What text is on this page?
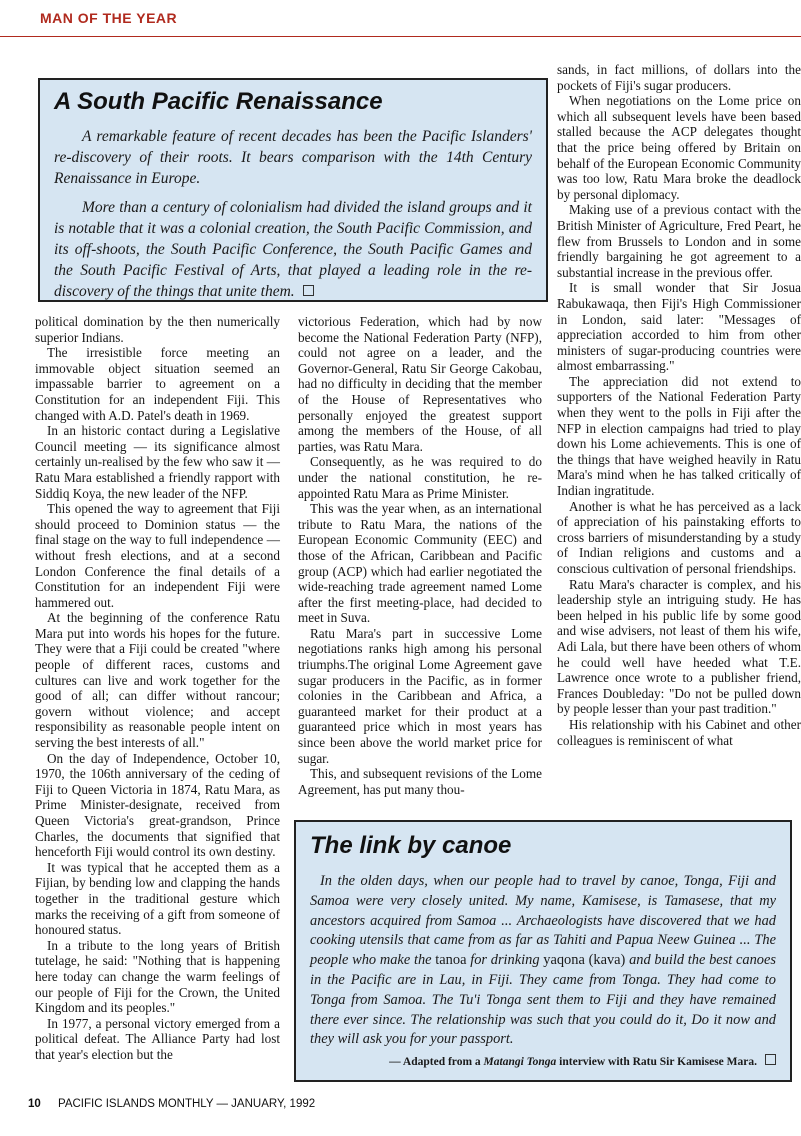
MAN OF THE YEAR
A South Pacific Renaissance

A remarkable feature of recent decades has been the Pacific Islanders' re-discovery of their roots. It bears comparison with the 14th Century Renaissance in Europe.

More than a century of colonialism had divided the island groups and it is notable that it was a colonial creation, the South Pacific Commission, and its off-shoots, the South Pacific Conference, the South Pacific Games and the South Pacific Festival of Arts, that played a leading role in the re-discovery of the things that unite them.

political domination by the then numerically superior Indians.

The irresistible force meeting an immovable object situation seemed an impassable barrier to agreement on a Constitution for an independent Fiji. This changed with A.D. Patel's death in 1969.

In an historic contact during a Legislative Council meeting — its significance almost certainly un-realised by the few who saw it — Ratu Mara established a friendly rapport with Siddiq Koya, the new leader of the NFP.

This opened the way to agreement that Fiji should proceed to Dominion status — the final stage on the way to full independence — without fresh elections, and at a second London Conference the final details of a Constitution for an independent Fiji were hammered out.

At the beginning of the conference Ratu Mara put into words his hopes for the future. They were that a Fiji could be created "where people of different races, customs and cultures can live and work together for the good of all; can differ without rancour; govern without violence; and accept responsibility as reasonable people intent on serving the best interests of all."

On the day of Independence, October 10, 1970, the 106th anniversary of the ceding of Fiji to Queen Victoria in 1874, Ratu Mara, as Prime Minister-designate, received from Queen Victoria's great-grandson, Prince Charles, the documents that signified that henceforth Fiji would control its own destiny.

It was typical that he accepted them as a Fijian, by bending low and clapping the hands together in the traditional gesture which marks the receiving of a gift from someone of honoured status.

In a tribute to the long years of British tutelage, he said: "Nothing that is happening here today can change the warm feelings of our people of Fiji for the Crown, the United Kingdom and its peoples."

In 1977, a personal victory emerged from a political defeat. The Alliance Party had lost that year's election but the

victorious Federation, which had by now become the National Federation Party (NFP), could not agree on a leader, and the Governor-General, Ratu Sir George Cakobau, had no difficulty in deciding that the member of the House of Representatives who personally enjoyed the greatest support among the members of the House, of all parties, was Ratu Mara.

Consequently, as he was required to do under the national constitution, he re-appointed Ratu Mara as Prime Minister.

This was the year when, as an international tribute to Ratu Mara, the nations of the European Economic Community (EEC) and those of the African, Caribbean and Pacific group (ACP) which had earlier negotiated the wide-reaching trade agreement named Lome after the first meeting-place, had decided to meet in Suva.

Ratu Mara's part in successive Lome negotiations ranks high among his personal triumphs.The original Lome Agreement gave sugar producers in the Pacific, as in former colonies in the Caribbean and Africa, a guaranteed market for their product at a guaranteed price which in most years has since been above the world market price for sugar.

This, and subsequent revisions of the Lome Agreement, has put many thou-

sands, in fact millions, of dollars into the pockets of Fiji's sugar producers.

When negotiations on the Lome price on which all subsequent levels have been based stalled because the ACP delegates thought that the price being offered by Britain on behalf of the European Economic Community was too low, Ratu Mara broke the deadlock by personal diplomacy.

Making use of a previous contact with the British Minister of Agriculture, Fred Peart, he flew from Brussels to London and in some friendly bargaining he got agreement to a substantial increase in the previous offer.

It is small wonder that Sir Josua Rabukawaqa, then Fiji's High Commissioner in London, said later: "Messages of appreciation accorded to him from other ministers of sugar-producing countries were almost embarrassing."

The appreciation did not extend to supporters of the National Federation Party when they went to the polls in Fiji after the NFP in election campaigns had tried to play down his Lome achievements. This is one of the things that have weighed heavily in Ratu Mara's mind when he has talked critically of Indian ingratitude.

Another is what he has perceived as a lack of appreciation of his painstaking efforts to cross barriers of misunderstanding by a study of Indian religions and customs and a conscious cultivation of personal friendships.

Ratu Mara's character is complex, and his leadership style an intriguing study. He has been helped in his public life by some good and wise advisers, not least of them his wife, Adi Lala, but there have been others of whom he could well have heeded what T.E. Lawrence once wrote to a publisher friend, Frances Doubleday: "Do not be pulled down by people lesser than your past tradition."

His relationship with his Cabinet and other colleagues is reminiscent of what

The link by canoe

In the olden days, when our people had to travel by canoe, Tonga, Fiji and Samoa were very closely united. My name, Kamisese, is Tamasese, that my ancestors acquired from Samoa ... Archaeologists have discovered that we had cooking utensils that came from as far as Tahiti and Papua Neew Guinea ... The people who make the tanoa for drinking yaqona (kava) and build the best canoes in the Pacific are in Lau, in Fiji. They came from Tonga. They had come to Tonga from Samoa. The Tu'i Tonga sent them to Fiji and they have remained there ever since. The relationship was such that you could do it, Do it now and they will ask you for your passport.

— Adapted from a Matangi Tonga interview with Ratu Sir Kamisese Mara.

10 PACIFIC ISLANDS MONTHLY — JANUARY, 1992
